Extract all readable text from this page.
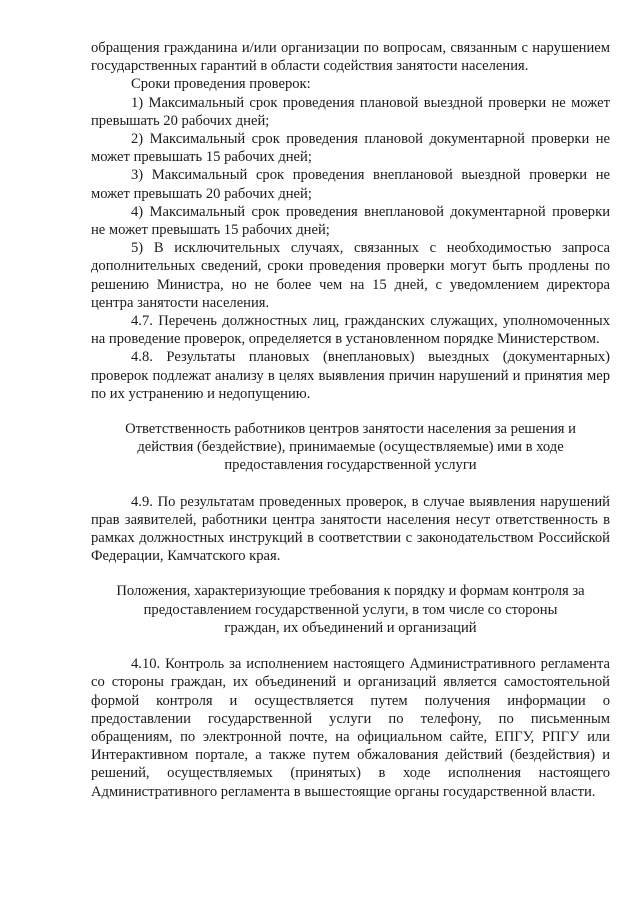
обращения гражданина и/или организации по вопросам, связанным с нарушением государственных гарантий в области содействия занятости населения.

Сроки проведения проверок:

1) Максимальный срок проведения плановой выездной проверки не может превышать 20 рабочих дней;

2) Максимальный срок проведения плановой документарной проверки не может превышать 15 рабочих дней;

3) Максимальный срок проведения внеплановой выездной проверки не может превышать 20 рабочих дней;

4) Максимальный срок проведения внеплановой документарной проверки не может превышать 15 рабочих дней;

5) В исключительных случаях, связанных с необходимостью запроса дополнительных сведений, сроки проведения проверки могут быть продлены по решению Министра, но не более чем на 15 дней, с уведомлением директора центра занятости населения.

4.7. Перечень должностных лиц, гражданских служащих, уполномоченных на проведение проверок, определяется в установленном порядке Министерством.

4.8. Результаты плановых (внеплановых) выездных (документарных) проверок подлежат анализу в целях выявления причин нарушений и принятия мер по их устранению и недопущению.

Ответственность работников центров занятости населения за решения и
действия (бездействие), принимаемые (осуществляемые) ими в ходе
предоставления государственной услуги

4.9. По результатам проведенных проверок, в случае выявления нарушений прав заявителей, работники центра занятости населения несут ответственность в рамках должностных инструкций в соответствии с законодательством Российской Федерации, Камчатского края.

Положения, характеризующие требования к порядку и формам контроля за
предоставлением государственной услуги, в том числе со стороны
граждан, их объединений и организаций

4.10. Контроль за исполнением настоящего Административного регламента со стороны граждан, их объединений и организаций является самостоятельной формой контроля и осуществляется путем получения информации о предоставлении государственной услуги по телефону, по письменным обращениям, по электронной почте, на официальном сайте, ЕПГУ, РПГУ или Интерактивном портале, а также путем обжалования действий (бездействия) и решений, осуществляемых (принятых) в ходе исполнения настоящего Административного регламента в вышестоящие органы государственной власти.
